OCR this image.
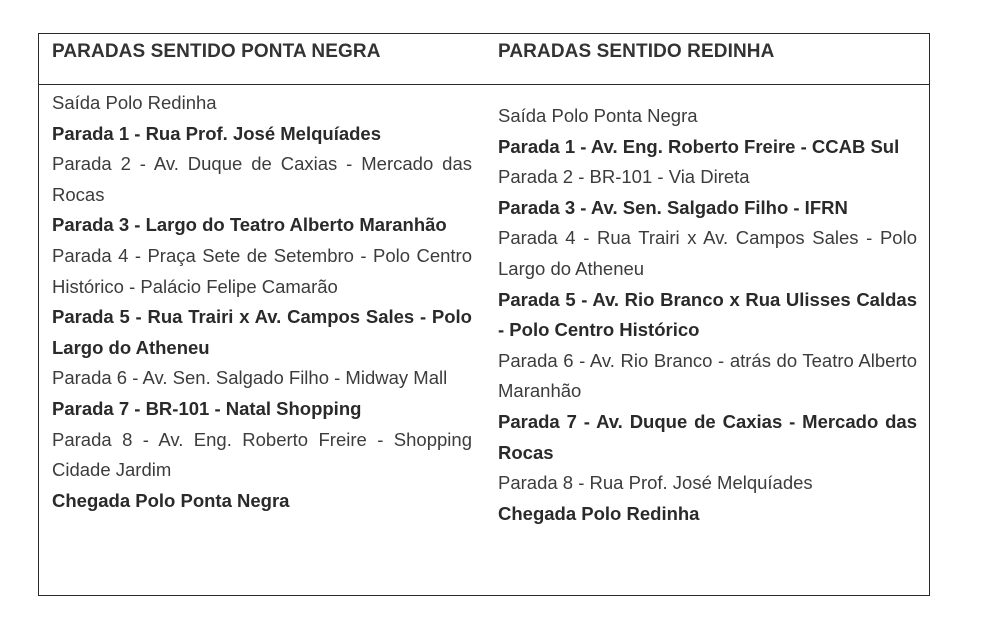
PARADAS SENTIDO PONTA NEGRA	PARADAS SENTIDO REDINHA

Saída Polo Redinha

Parada 1 - Rua Prof. José Melquíades

Parada 2 - Av. Duque de Caxias - Mercado das Rocas

Parada 3 - Largo do Teatro Alberto Maranhão

Parada 4 - Praça Sete de Setembro - Polo Centro Histórico - Palácio Felipe Camarão

Parada 5 - Rua Trairi x Av. Campos Sales - Polo Largo do Atheneu

Parada 6 - Av. Sen. Salgado Filho - Midway Mall

Parada 7 - BR-101 - Natal Shopping

Parada 8 - Av. Eng. Roberto Freire - Shopping Cidade Jardim

Chegada Polo Ponta Negra

Saída Polo Ponta Negra

Parada 1 - Av. Eng. Roberto Freire - CCAB Sul

Parada 2 - BR-101 - Via Direta

Parada 3 - Av. Sen. Salgado Filho - IFRN

Parada 4 - Rua Trairi x Av. Campos Sales - Polo Largo do Atheneu

Parada 5 - Av. Rio Branco x Rua Ulisses Caldas - Polo Centro Histórico

Parada 6 - Av. Rio Branco - atrás do Teatro Alberto Maranhão

Parada 7 - Av. Duque de Caxias - Mercado das Rocas

Parada 8 - Rua Prof. José Melquíades

Chegada Polo Redinha
